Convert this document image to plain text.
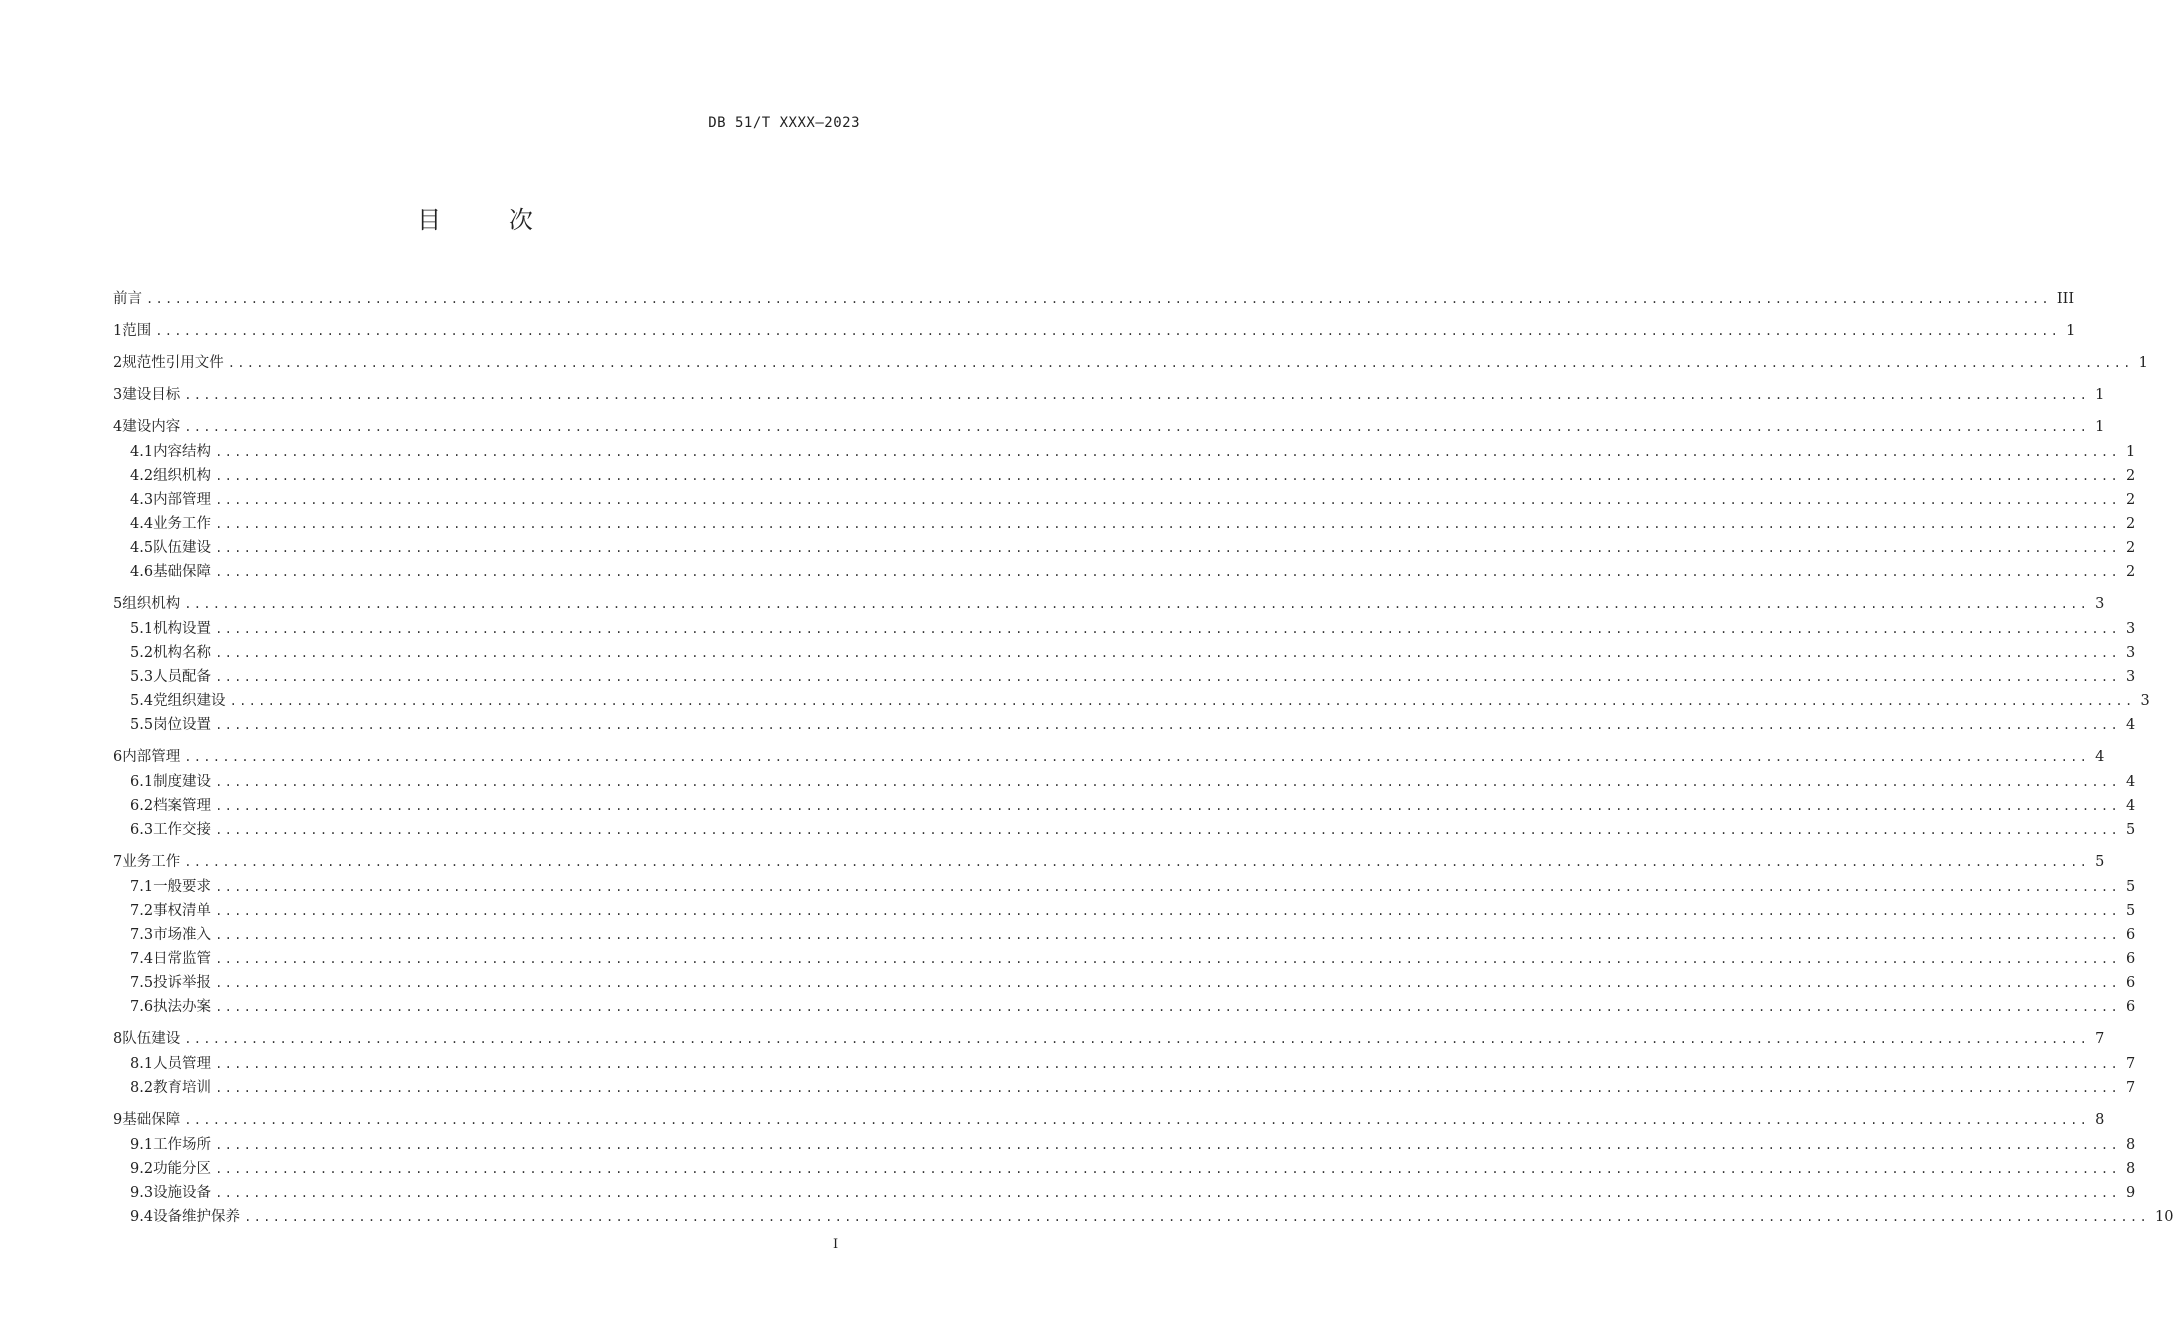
DB 51/T XXXX—2023
目	次
前言 ........................................................................................................................................................................................................ III
1 范围 ........................................................................................................................................................................................................ 1
2 规范性引用文件 ........................................................................................................................................................................................................ 1
3 建设目标 ........................................................................................................................................................................................................ 1
4 建设内容 ........................................................................................................................................................................................................ 1
4.1 内容结构 ........................................................................................................................................................................................................ 1
4.2 组织机构 ........................................................................................................................................................................................................ 2
4.3 内部管理 ........................................................................................................................................................................................................ 2
4.4 业务工作 ........................................................................................................................................................................................................ 2
4.5 队伍建设 ........................................................................................................................................................................................................ 2
4.6 基础保障 ........................................................................................................................................................................................................ 2
5 组织机构 ........................................................................................................................................................................................................ 3
5.1 机构设置 ........................................................................................................................................................................................................ 3
5.2 机构名称 ........................................................................................................................................................................................................ 3
5.3 人员配备 ........................................................................................................................................................................................................ 3
5.4 党组织建设 ........................................................................................................................................................................................................ 3
5.5 岗位设置 ........................................................................................................................................................................................................ 4
6 内部管理 ........................................................................................................................................................................................................ 4
6.1 制度建设 ........................................................................................................................................................................................................ 4
6.2 档案管理 ........................................................................................................................................................................................................ 4
6.3 工作交接 ........................................................................................................................................................................................................ 5
7 业务工作 ........................................................................................................................................................................................................ 5
7.1 一般要求 ........................................................................................................................................................................................................ 5
7.2 事权清单 ........................................................................................................................................................................................................ 5
7.3 市场准入 ........................................................................................................................................................................................................ 6
7.4 日常监管 ........................................................................................................................................................................................................ 6
7.5 投诉举报 ........................................................................................................................................................................................................ 6
7.6 执法办案 ........................................................................................................................................................................................................ 6
8 队伍建设 ........................................................................................................................................................................................................ 7
8.1 人员管理 ........................................................................................................................................................................................................ 7
8.2 教育培训 ........................................................................................................................................................................................................ 7
9 基础保障 ........................................................................................................................................................................................................ 8
9.1 工作场所 ........................................................................................................................................................................................................ 8
9.2 功能分区 ........................................................................................................................................................................................................ 8
9.3 设施设备 ........................................................................................................................................................................................................ 9
9.4 设备维护保养 ........................................................................................................................................................................................................ 10
I
